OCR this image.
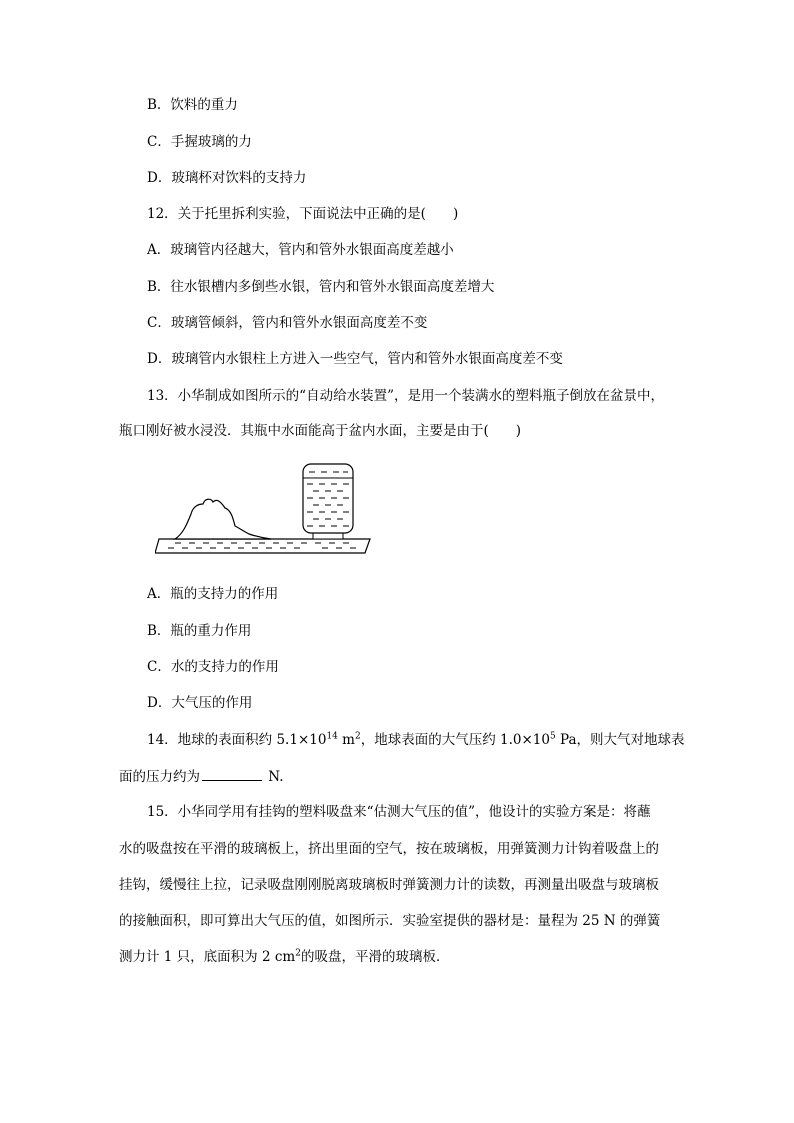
B．饮料的重力
C．手握玻璃的力
D．玻璃杯对饮料的支持力
12．关于托里拆利实验，下面说法中正确的是(　　)
A．玻璃管内径越大，管内和管外水银面高度差越小
B．往水银槽内多倒些水银，管内和管外水银面高度差增大
C．玻璃管倾斜，管内和管外水银面高度差不变
D．玻璃管内水银柱上方进入一些空气，管内和管外水银面高度差不变
13．小华制成如图所示的“自动给水装置”，是用一个装满水的塑料瓶子倒放在盆景中，
瓶口刚好被水浸没．其瓶中水面能高于盆内水面，主要是由于(　　)
A．瓶的支持力的作用
B．瓶的重力作用
C．水的支持力的作用
D．大气压的作用
14．地球的表面积约 $5.1\times 10^{14}$ $m^2$，地球表面的大气压约 $1.0\times 10^5$ Pa，则大气对地球表
面的压力约为	N.
15．小华同学用有挂钩的塑料吸盘来“估测大气压的值”，他设计的实验方案是：将蘸
水的吸盘按在平滑的玻璃板上，挤出里面的空气，按在玻璃板，用弹簧测力计钩着吸盘上的
挂钩，缓慢往上拉，记录吸盘刚刚脱离玻璃板时弹簧测力计的读数，再测量出吸盘与玻璃板
的接触面积，即可算出大气压的值，如图所示．实验室提供的器材是：量程为 25 N 的弹簧
测力计 1 只，底面积为 2 $cm^2$的吸盘，平滑的玻璃板．
